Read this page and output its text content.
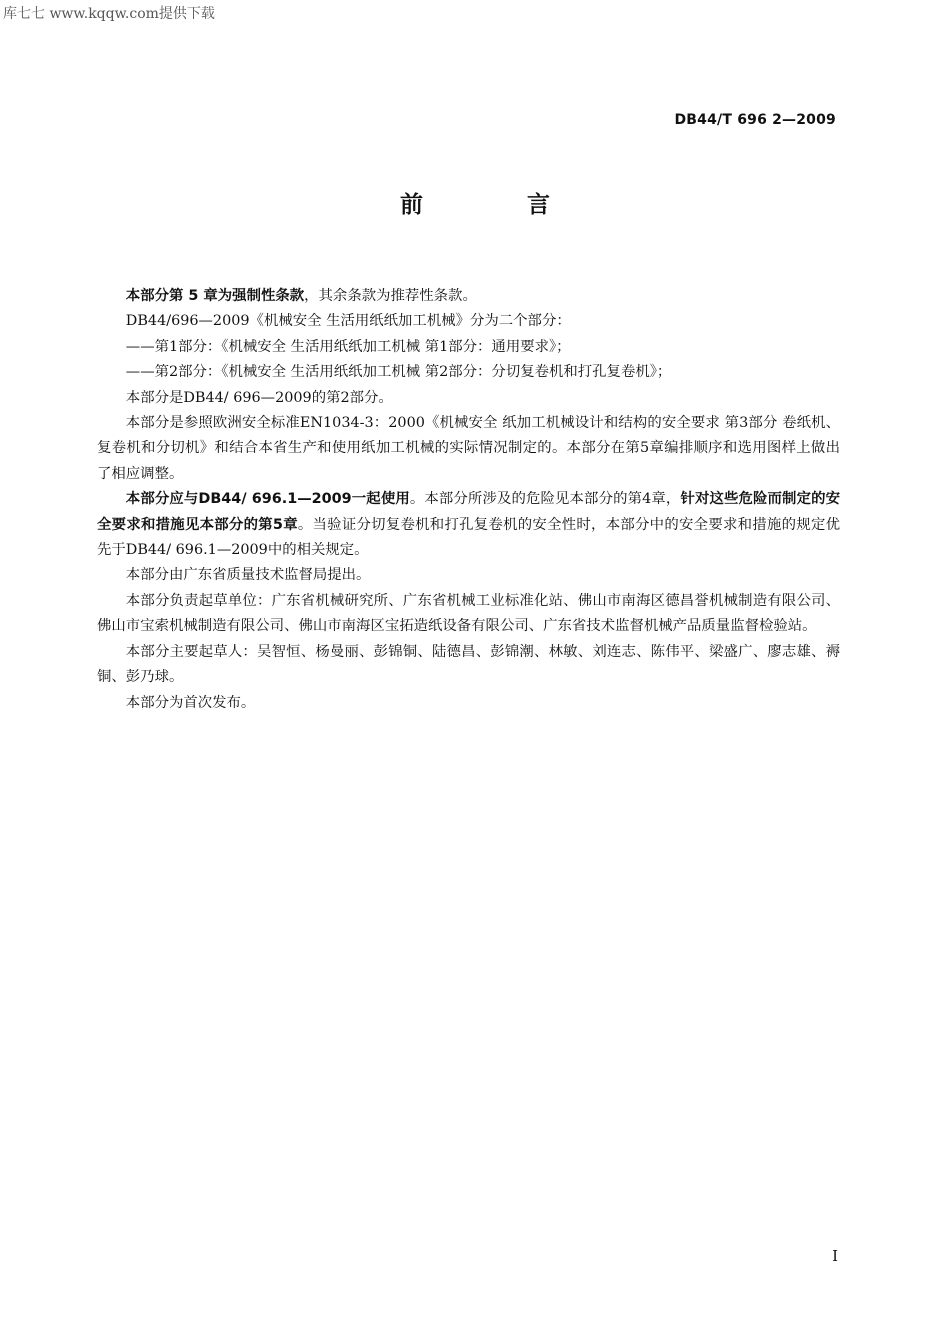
库七七 www.kqqw.com提供下载
DB44/T 696 2—2009
前 言

本部分第 5 章为强制性条款，其余条款为推荐性条款。

DB44/696—2009《机械安全 生活用纸纸加工机械》分为二个部分：

——第1部分：《机械安全 生活用纸纸加工机械 第1部分：通用要求》；

——第2部分：《机械安全 生活用纸纸加工机械 第2部分：分切复卷机和打孔复卷机》；

本部分是DB44/ 696—2009的第2部分。

本部分是参照欧洲安全标准EN1034-3：2000《机械安全 纸加工机械设计和结构的安全要求 第3部分 卷纸机、复卷机和分切机》和结合本省生产和使用纸加工机械的实际情况制定的。本部分在第5章编排顺序和选用图样上做出了相应调整。

本部分应与DB44/ 696.1—2009一起使用。本部分所涉及的危险见本部分的第4章，针对这些危险而制定的安全要求和措施见本部分的第5章。当验证分切复卷机和打孔复卷机的安全性时，本部分中的安全要求和措施的规定优先于DB44/ 696.1—2009中的相关规定。

本部分由广东省质量技术监督局提出。

本部分负责起草单位：广东省机械研究所、广东省机械工业标准化站、佛山市南海区德昌誉机械制造有限公司、佛山市宝索机械制造有限公司、佛山市南海区宝拓造纸设备有限公司、广东省技术监督机械产品质量监督检验站。

本部分主要起草人：吴智恒、杨曼丽、彭锦铜、陆德昌、彭锦潮、林敏、刘连志、陈伟平、梁盛广、廖志雄、褥铜、彭乃球。

本部分为首次发布。

I
